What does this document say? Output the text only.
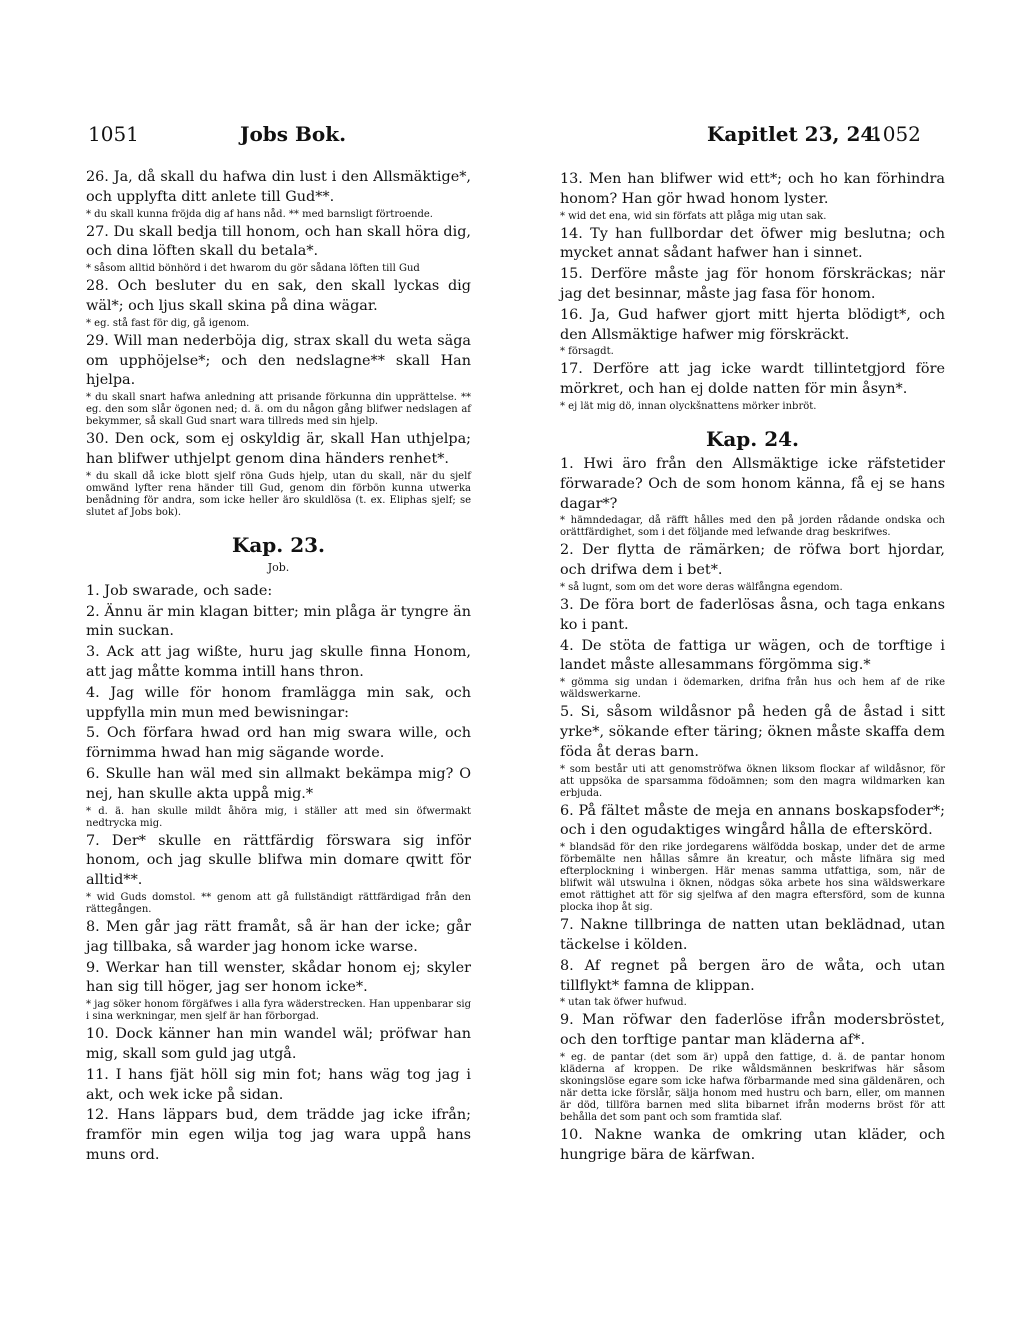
1051	Jobs Bok.	Kapitlet 23, 24.
1052

26. Ja, då skall du hafwa din lust i den Allsmäktige*, och upplyfta ditt anlete till Gud**.

* du skall kunna fröjda dig af hans nåd. ** med barnsligt förtroende.

27. Du skall bedja till honom, och han skall höra dig, och dina löften skall du betala*.

* såsom alltid bönhörd i det hwarom du gör sådana löften till Gud

28. Och besluter du en sak, den skall lyckas dig wäl*; och ljus skall skina på dina wägar.

* eg. stå fast för dig, gå igenom.

29. Will man nederböja dig, strax skall du weta säga om upphöjelse*; och den nedslagne** skall Han hjelpa.

* du skall snart hafwa anledning att prisande förkunna din upprättelse. ** eg. den som slår ögonen ned; d. ä. om du någon gång blifwer nedslagen af bekymmer, så skall Gud snart wara tillreds med sin hjelp.

30. Den ock, som ej oskyldig är, skall Han uthjelpa; han blifwer uthjelpt genom dina händers renhet*.

* du skall då icke blott sjelf röna Guds hjelp, utan du skall, när du sjelf omwänd lyfter rena händer till Gud, genom din förbön kunna utwerka benådning för andra, som icke heller äro skuldlösa (t. ex. Eliphas sjelf; se slutet af Jobs bok).

Kap. 23.

Job.

1. Job swarade, och sade:

2. Ännu är min klagan bitter; min plåga är tyngre än min suckan.

3. Ack att jag wißte, huru jag skulle finna Honom, att jag måtte komma intill hans thron.

4. Jag wille för honom framlägga min sak, och uppfylla min mun med bewisningar:

5. Och förfara hwad ord han mig swara wille, och förnimma hwad han mig sägande worde.

6. Skulle han wäl med sin allmakt bekämpa mig? O nej, han skulle akta uppå mig.*

* d. ä. han skulle mildt åhöra mig, i ställer att med sin öfwermakt nedtrycka mig.

7. Der* skulle en rättfärdig förswara sig inför honom, och jag skulle blifwa min domare qwitt för alltid**.

* wid Guds domstol. ** genom att gå fullständigt rättfärdigad från den rättegången.

8. Men går jag rätt framåt, så är han der icke; går jag tillbaka, så warder jag honom icke warse.

9. Werkar han till wenster, skådar honom ej; skyler han sig till höger, jag ser honom icke*.

* jag söker honom förgäfwes i alla fyra wäderstrecken. Han uppenbarar sig i sina werkningar, men sjelf är han förborgad.

10. Dock känner han min wandel wäl; pröfwar han mig, skall som guld jag utgå.

11. I hans fjät höll sig min fot; hans wäg tog jag i akt, och wek icke på sidan.

12. Hans läppars bud, dem trädde jag icke ifrån; framför min egen wilja tog jag wara uppå hans muns ord.

13. Men han blifwer wid ett*; och ho kan förhindra honom? Han gör hwad honom lyster.

* wid det ena, wid sin förfats att plåga mig utan sak.

14. Ty han fullbordar det öfwer mig beslutna; och mycket annat sådant hafwer han i sinnet.

15. Derföre måste jag för honom förskräckas; när jag det besinnar, måste jag fasa för honom.

16. Ja, Gud hafwer gjort mitt hjerta blödigt*, och den Allsmäktige hafwer mig förskräckt.

* försagdt.

17. Derföre att jag icke wardt tillintetgjord före mörkret, och han ej dolde natten för min åsyn*.

* ej lät mig dö, innan olyckšnattens mörker inbröt.

Kap. 24.

1. Hwi äro från den Allsmäktige icke räfstetider förwarade? Och de som honom känna, få ej se hans dagar*?

* hämndedagar, då räfft hålles med den på jorden rådande ondska och orättfärdighet, som i det följande med lefwande drag beskrifwes.

2. Der flytta de rämärken; de röfwa bort hjordar, och drifwa dem i bet*.

* så lugnt, som om det wore deras wälfångna egendom.

3. De föra bort de faderlösas åsna, och taga enkans ko i pant.

4. De stöta de fattiga ur wägen, och de torftige i landet måste allesammans förgömma sig.*

* gömma sig undan i ödemarken, drifna från hus och hem af de rike wäldswerkarne.

5. Si, såsom wildåsnor på heden gå de åstad i sitt yrke*, sökande efter täring; öknen måste skaffa dem föda åt deras barn.

* som består uti att genomströfwa öknen liksom flockar af wildåsnor, för att uppsöka de sparsamma födoämnen; som den magra wildmarken kan erbjuda.

6. På fältet måste de meja en annans boskapsfoder*; och i den ogudaktiges wingård hålla de efterskörd.

* blandsäd för den rike jordegarens wälfödda boskap, under det de arme förbemälte nen hållas såmre än kreatur, och måste lifnära sig med efterplockning i winbergen. Här menas samma utfattiga, som, när de blifwit wäl utswulna i öknen, nödgas söka arbete hos sina wäldswerkare emot rättighet att för sig sjelfwa af den magra eftersförd, som de kunna plocka ihop åt sig.

7. Nakne tillbringa de natten utan beklädnad, utan täckelse i kölden.

8. Af regnet på bergen äro de wåta, och utan tillflykt* famna de klippan.

* utan tak öfwer hufwud.

9. Man röfwar den faderlöse ifrån modersbröstet, och den torftige pantar man kläderna af*.

* eg. de pantar (det som är) uppå den fattige, d. ä. de pantar honom kläderna af kroppen. De rike wåldsmännen beskrifwas här såsom skoningslöse egare som icke hafwa förbarmande med sina gäldenären, och när detta icke förslår, sälja honom med hustru och barn, eller, om mannen är död, tillföra barnen med slita bibarnet ifrån moderns bröst för att behålla det som pant och som framtida slaf.

10. Nakne wanka de omkring utan kläder, och hungrige bära de kärfwan.
